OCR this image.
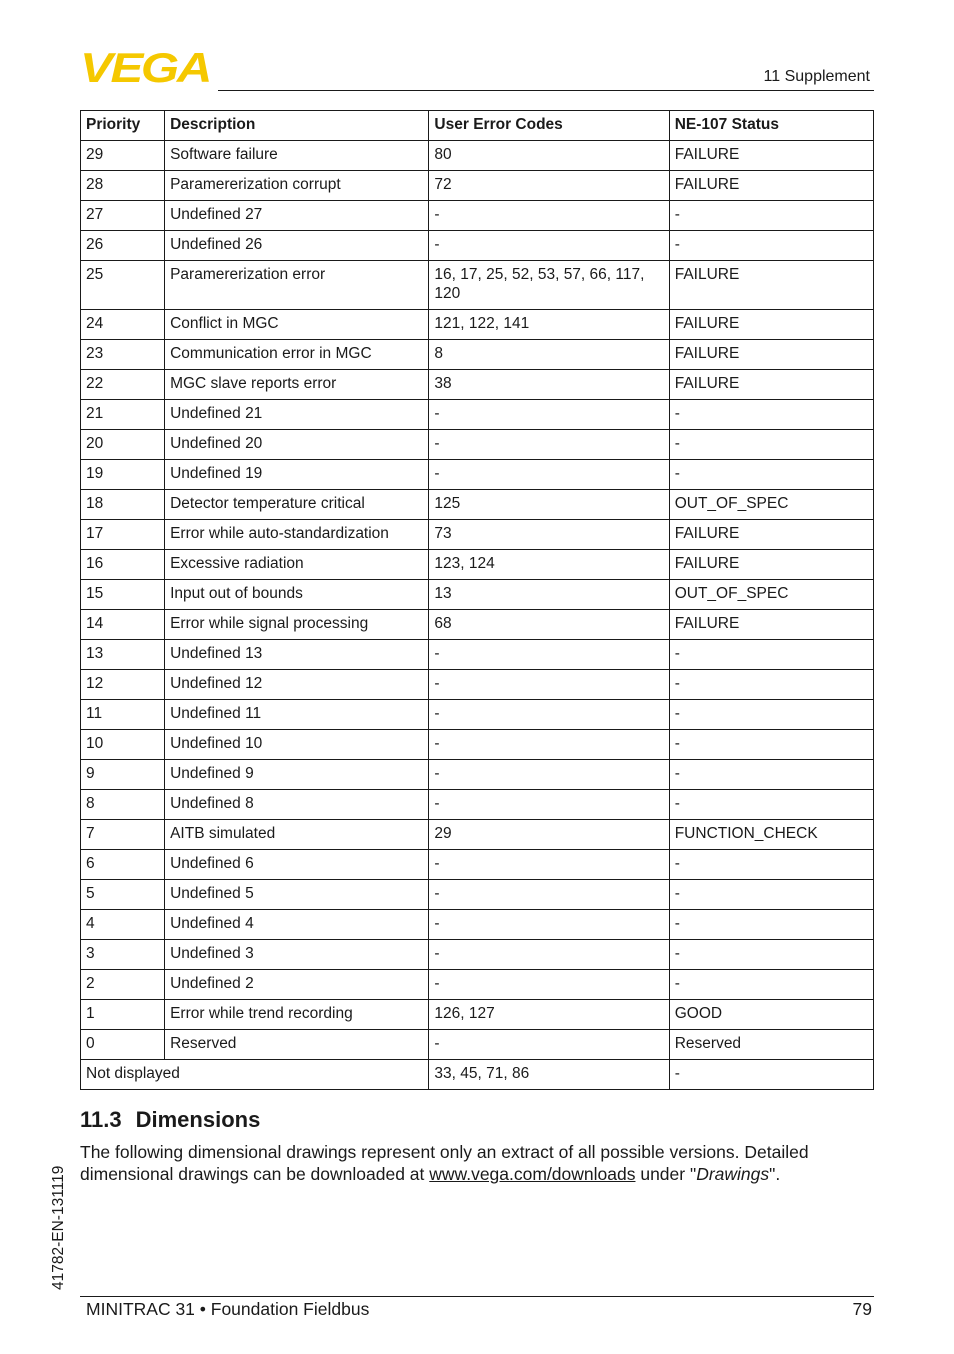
VEGA	11 Supplement
Priority	Description	User Error Codes	NE-107 Status
29	Software failure	80	FAILURE
28	Paramererization corrupt	72	FAILURE
27	Undefined 27	-	-
26	Undefined 26	-	-
25	Paramererization error	16, 17, 25, 52, 53, 57, 66, 117, 120	FAILURE
24	Conflict in MGC	121, 122, 141	FAILURE
23	Communication error in MGC	8	FAILURE
22	MGC slave reports error	38	FAILURE
21	Undefined 21	-	-
20	Undefined 20	-	-
19	Undefined 19	-	-
18	Detector temperature critical	125	OUT_OF_SPEC
17	Error while auto-standardization	73	FAILURE
16	Excessive radiation	123, 124	FAILURE
15	Input out of bounds	13	OUT_OF_SPEC
14	Error while signal processing	68	FAILURE
13	Undefined 13	-	-
12	Undefined 12	-	-
11	Undefined 11	-	-
10	Undefined 10	-	-
9	Undefined 9	-	-
8	Undefined 8	-	-
7	AITB simulated	29	FUNCTION_CHECK
6	Undefined 6	-	-
5	Undefined 5	-	-
4	Undefined 4	-	-
3	Undefined 3	-	-
2	Undefined 2	-	-
1	Error while trend recording	126, 127	GOOD
0	Reserved	-	Reserved
Not displayed		33, 45, 71, 86	-
11.3 Dimensions

The following dimensional drawings represent only an extract of all possible versions. Detailed dimensional drawings can be downloaded at www.vega.com/downloads under "Drawings".

41782-EN-131119
MINITRAC 31 • Foundation Fieldbus	79
